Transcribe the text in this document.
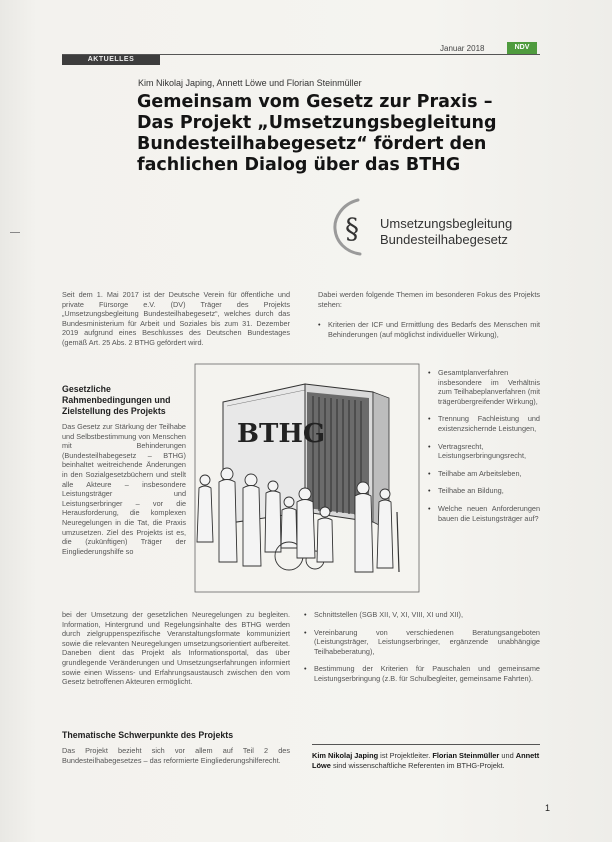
Januar 2018	NDV
AKTUELLES
Kim Nikolaj Japing, Annett Löwe und Florian Steinmüller
Gemeinsam vom Gesetz zur Praxis –
Das Projekt „Umsetzungsbegleitung
Bundesteilhabegesetz“ fördert den
fachlichen Dialog über das BTHG
§ Umsetzungsbegleitung
Bundesteilhabegesetz

Seit dem 1. Mai 2017 ist der Deutsche Verein für öffentliche und private Fürsorge e.V. (DV) Träger des Projekts „Umsetzungsbegleitung Bundesteilhabegesetz“, welches durch das Bundesministerium für Arbeit und Soziales bis zum 31. Dezember 2019 aufgrund eines Beschlusses des Deutschen Bundestages (gemäß Art. 25 Abs. 2 BTHG gefördert wird.

Gesetzliche Rahmenbedingungen und Zielstellung des Projekts

Das Gesetz zur Stärkung der Teilhabe und Selbstbestimmung von Menschen mit Behinderungen (Bundesteilhabegesetz – BTHG) beinhaltet weitreichende Änderungen in den Sozialgesetzbüchern und stellt alle Akteure – insbesondere Leistungsträger und Leistungserbringer – vor die Herausforderung, die komplexen Neuregelungen in die Tat, die Praxis umzusetzen. Ziel des Projekts ist es, die (zukünftigen) Träger der Eingliederungshilfe so

BTHG

bei der Umsetzung der gesetzlichen Neuregelungen zu begleiten. Information, Hintergrund und Regelungsinhalte des BTHG werden durch zielgruppenspezifische Veranstaltungsformate kommuniziert sowie die relevanten Neuregelungen umsetzungsorientiert aufbereitet. Daneben dient das Projekt als Informationsportal, das über grundlegende Veränderungen und Umsetzungserfahrungen informiert sowie einen Wissens- und Erfahrungsaustausch zwischen den vom Gesetz betroffenen Akteuren ermöglicht.

Thematische Schwerpunkte des Projekts

Das Projekt bezieht sich vor allem auf Teil 2 des Bundesteilhabegesetzes – das reformierte Eingliederungshilferecht.

Dabei werden folgende Themen im besonderen Fokus des Projekts stehen:

• Kriterien der ICF und Ermittlung des Bedarfs des Menschen mit Behinderungen (auf möglichst individueller Wirkung),
• Gesamtplanverfahren insbesondere im Verhältnis zum Teilhabeplanverfahren (mit trägerübergreifender Wirkung),
• Trennung Fachleistung und existenzsichernde Leistungen,
• Vertragsrecht, Leistungserbringungsrecht,
• Teilhabe am Arbeitsleben,
• Teilhabe an Bildung,
• Welche neuen Anforderungen bauen die Leistungsträger auf?
• Schnittstellen (SGB XII, V, XI, VIII, XI und XII),
• Vereinbarung von verschiedenen Beratungsangeboten (Leistungsträger, Leistungserbringer, ergänzende unabhängige Teilhabeberatung),
• Bestimmung der Kriterien für Pauschalen und gemeinsame Leistungserbringung (z.B. für Schulbegleiter, gemeinsame Fahrten).
Kim Nikolaj Japing ist Projektleiter. Florian Steinmüller und Annett Löwe sind wissenschaftliche Referenten im BTHG-Projekt.
1
